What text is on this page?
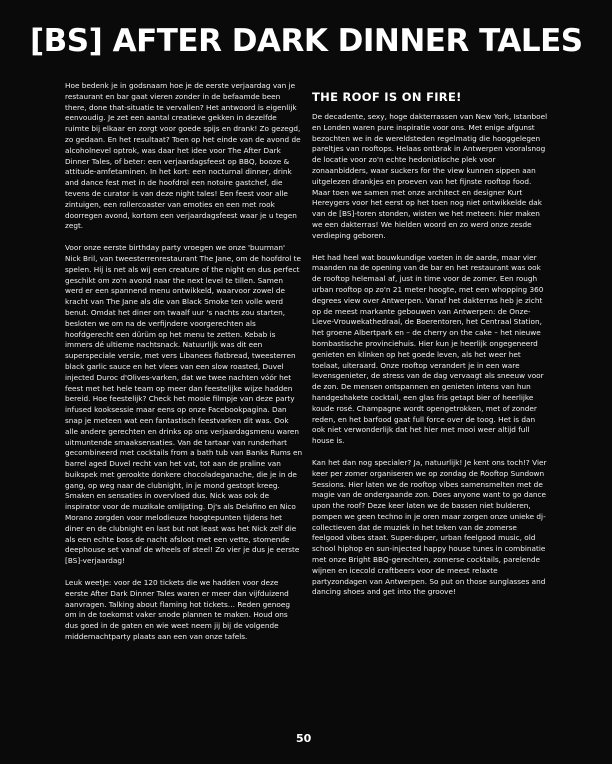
[BS] AFTER DARK DINNER TALES

Hoe bedenk je in godsnaam hoe je de eerste verjaardag van je restaurant en bar gaat vieren zonder in de befaamde been there, done that-situatie te vervallen? Het antwoord is eigenlijk eenvoudig. Je zet een aantal creatieve gekken in dezelfde ruimte bij elkaar en zorgt voor goede spijs en drank! Zo gezegd, zo gedaan. En het resultaat? Toen op het einde van de avond de alcoholnevel optrok, was daar het idee voor The After Dark Dinner Tales, of beter: een verjaardagsfeest op BBQ, booze & attitude-amfetaminen. In het kort: een nocturnal dinner, drink and dance fest met in de hoofdrol een notoire gastchef, die tevens de curator is van deze night tales! Een feest voor alle zintuigen, een rollercoaster van emoties en een met rook doorregen avond, kortom een verjaardagsfeest waar je u tegen zegt.

Voor onze eerste birthday party vroegen we onze 'buurman' Nick Bril, van tweesterrenrestaurant The Jane, om de hoofdrol te spelen. Hij is net als wij een creature of the night en dus perfect geschikt om zo'n avond naar the next level te tillen. Samen werd er een spannend menu ontwikkeld, waarvoor zowel de kracht van The Jane als die van Black Smoke ten volle werd benut. Omdat het diner om twaalf uur 's nachts zou starten, besloten we om na de verfijndere voorgerechten als hoofdgerecht een dürüm op het menu te zetten. Kebab is immers dé ultieme nachtsnack. Natuurlijk was dit een superspeciale versie, met vers Libanees flatbread, tweesterren black garlic sauce en het vlees van een slow roasted, Duvel injected Duroc d'Olives-varken, dat we twee nachten vóór het feest met het hele team op meer dan feestelijke wijze hadden bereid. Hoe feestelijk? Check het mooie filmpje van deze party infused kooksessie maar eens op onze Facebookpagina. Dan snap je meteen wat een fantastisch feestvarken dit was. Ook alle andere gerechten en drinks op ons verjaardagsmenu waren uitmuntende smaaksensaties. Van de tartaar van runderhart gecombineerd met cocktails from a bath tub van Banks Rums en barrel aged Duvel recht van het vat, tot aan de praline van buikspek met gerookte donkere chocoladeganache, die je in de gang, op weg naar de clubnight, in je mond gestopt kreeg. Smaken en sensaties in overvloed dus. Nick was ook de inspirator voor de muzikale omlijsting. Dj's als Delafino en Nico Morano zorgden voor melodieuze hoogtepunten tijdens het diner en de clubnight en last but not least was het Nick zelf die als een echte boss de nacht afsloot met een vette, stomende deephouse set vanaf de wheels of steel! Zo vier je dus je eerste [BS]-verjaardag!

Leuk weetje: voor de 120 tickets die we hadden voor deze eerste After Dark Dinner Tales waren er meer dan vijfduizend aanvragen. Talking about flaming hot tickets… Reden genoeg om in de toekomst vaker snode plannen te maken. Houd ons dus goed in de gaten en wie weet neem jij bij de volgende middernachtparty plaats aan een van onze tafels.

THE ROOF IS ON FIRE!

De decadente, sexy, hoge dakterrassen van New York, Istanboel en Londen waren pure inspiratie voor ons. Met enige afgunst bezochten we in de wereldsteden regelmatig die hooggelegen pareltjes van rooftops. Helaas ontbrak in Antwerpen vooralsnog de locatie voor zo'n echte hedonistische plek voor zonaanbidders, waar suckers for the view kunnen sippen aan uitgelezen drankjes en proeven van het fijnste rooftop food. Maar toen we samen met onze architect en designer Kurt Hereygers voor het eerst op het toen nog niet ontwikkelde dak van de [BS]-toren stonden, wisten we het meteen: hier maken we een dakterras! We hielden woord en zo werd onze zesde verdieping geboren.

Het had heel wat bouwkundige voeten in de aarde, maar vier maanden na de opening van de bar en het restaurant was ook de rooftop helemaal af, just in time voor de zomer. Een rough urban rooftop op zo'n 21 meter hoogte, met een whopping 360 degrees view over Antwerpen. Vanaf het dakterras heb je zicht op de meest markante gebouwen van Antwerpen: de Onze-Lieve-Vrouwekathedraal, de Boerentoren, het Centraal Station, het groene Albertpark en – de cherry on the cake – het nieuwe bombastische provinciehuis. Hier kun je heerlijk ongegeneerd genieten en klinken op het goede leven, als het weer het toelaat, uiteraard. Onze rooftop verandert je in een ware levensgenieter, de stress van de dag vervaagt als sneeuw voor de zon. De mensen ontspannen en genieten intens van hun handgeshakete cocktail, een glas fris getapt bier of heerlijke koude rosé. Champagne wordt opengetrokken, met of zonder reden, en het barfood gaat full force over de toog. Het is dan ook niet verwonderlijk dat het hier met mooi weer altijd full house is.

Kan het dan nog specialer? Ja, natuurlijk! Je kent ons toch!? Vier keer per zomer organiseren we op zondag de Rooftop Sundown Sessions. Hier laten we de rooftop vibes samensmelten met de magie van de ondergaande zon. Does anyone want to go dance upon the roof? Deze keer laten we de bassen niet bulderen, pompen we geen techno in je oren maar zorgen onze unieke dj-collectieven dat de muziek in het teken van de zomerse feelgood vibes staat. Super-duper, urban feelgood music, old school hiphop en sun-injected happy house tunes in combinatie met onze Bright BBQ-gerechten, zomerse cocktails, parelende wijnen en icecold craftbeers voor de meest relaxte partyzondagen van Antwerpen. So put on those sunglasses and dancing shoes and get into the groove!

50
